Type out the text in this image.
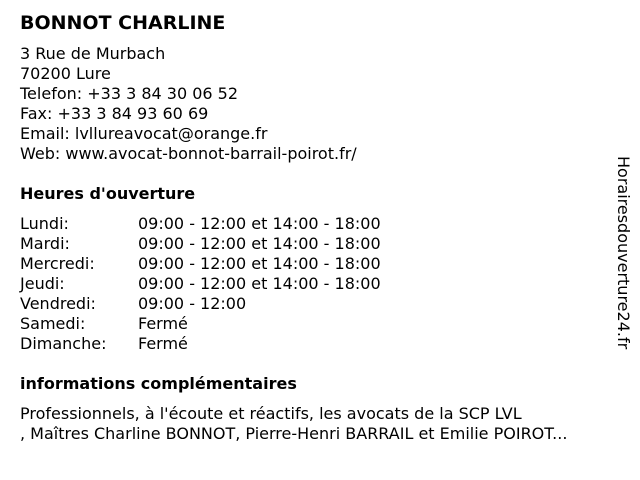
BONNOT CHARLINE
3 Rue de Murbach
70200 Lure
Telefon: +33 3 84 30 06 52
Fax: +33 3 84 93 60 69
Email: lvllureavocat@orange.fr
Web: www.avocat-bonnot-barrail-poirot.fr/
Heures d'ouverture
Lundi:	09:00 - 12:00 et 14:00 - 18:00
Mardi:	09:00 - 12:00 et 14:00 - 18:00
Mercredi:	09:00 - 12:00 et 14:00 - 18:00
Jeudi:	09:00 - 12:00 et 14:00 - 18:00
Vendredi:	09:00 - 12:00
Samedi:	Fermé
Dimanche: Fermé
informations complémentaires
Professionnels, à l'écoute et réactifs, les avocats de la SCP LVL
, Maîtres Charline BONNOT, Pierre-Henri BARRAIL et Emilie POIROT...
Horairesdouverture24.fr
